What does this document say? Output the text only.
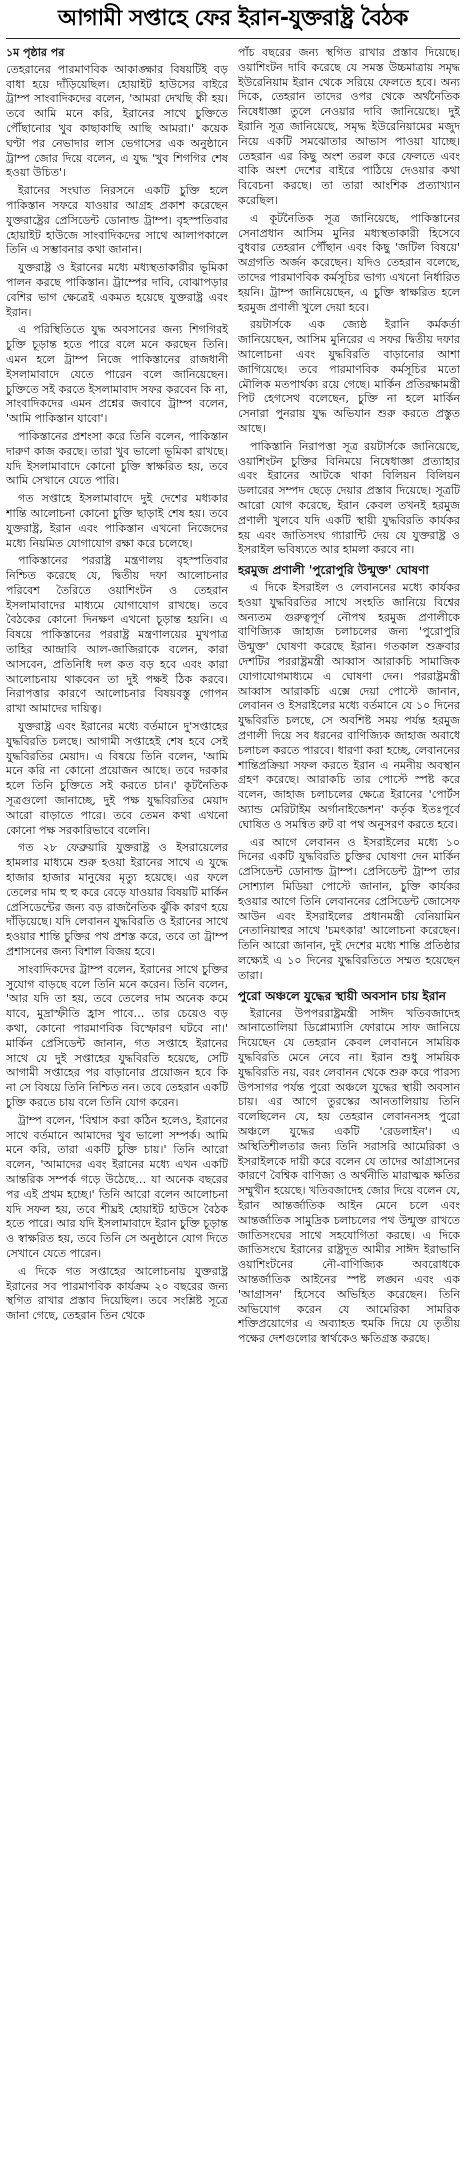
আগামী সপ্তাহে ফের ইরান-যুক্তরাষ্ট্র বৈঠক
১ম পৃষ্ঠার পর

তেহরানের পারমাণবিক আকাঙ্ক্ষার বিষয়টিই বড় বাধা হয়ে দাঁড়িয়েছিল। হোয়াইট হাউসের বাইরে ট্রাম্প সাংবাদিকদের বলেন, 'আমরা দেখছি কী হয়। তবে আমি মনে করি, ইরানের সাথে চুক্তিতে পৌঁছানোর খুব কাছাকাছি আছি আমরা।' কয়েক ঘণ্টা পর নেভাদার লাস ভেগাসের এক অনুষ্ঠানে ট্রাম্প জোর দিয়ে বলেন, এ যুদ্ধ 'খুব শিগগির শেষ হওয়া উচিত'।

ইরানের সংঘাত নিরসনে একটি চুক্তি হলে পাকিস্তান সফরে যাওয়ার আগ্রহ প্রকাশ করেছেন যুক্তরাষ্ট্রের প্রেসিডেন্ট ডোনাল্ড ট্রাম্প। বৃহস্পতিবার হোয়াইট হাউজে সাংবাদিকদের সাথে আলাপকালে তিনি এ সম্ভাবনার কথা জানান।

যুক্তরাষ্ট্র ও ইরানের মধ্যে মধ্যস্থতাকারীর ভূমিকা পালন করছে পাকিস্তান। ট্রাম্পের দাবি, বোঝাপড়ার বেশির ভাগ ক্ষেত্রেই একমত হয়েছে যুক্তরাষ্ট্র এবং ইরান।

এ পরিস্থিতিতে যুদ্ধ অবসানের জন্য শিগগিরই চুক্তি চূড়ান্ত হতে পারে বলে মনে করছেন তিনি। এমন হলে ট্রাম্প নিজে পাকিস্তানের রাজধানী ইসলামাবাদে যেতে পারেন বলে জানিয়েছেন। চুক্তিতে সই করতে ইসলামাবাদ সফর করবেন কি না, সাংবাদিকদের এমন প্রশ্নের জবাবে ট্রাম্প বলেন, 'আমি পাকিস্তান যাবো'।

পাকিস্তানের প্রশংসা করে তিনি বলেন, পাকিস্তান দারুণ কাজ করছে। তারা খুব ভালো ভূমিকা রাখছে। যদি ইসলামাবাদে কোনো চুক্তি স্বাক্ষরিত হয়, তবে আমি সেখানে যেতে পারি।

গত সপ্তাহে ইসলামাবাদে দুই দেশের মধ্যকার শান্তি আলোচনা কোনো চুক্তি ছাড়াই শেষ হয়। তবে যুক্তরাষ্ট্র, ইরান এবং পাকিস্তান এখনো নিজেদের মধ্যে নিয়মিত যোগাযোগ রক্ষা করে চলেছে।

পাকিস্তানের পররাষ্ট্র মন্ত্রণালয় বৃহস্পতিবার নিশ্চিত করেছে যে, দ্বিতীয় দফা আলোচনার পরিবেশ তৈরিতে ওয়াশিংটন ও তেহরান ইসলামাবাদের মাধ্যমে যোগাযোগ রাখছে। তবে বৈঠকের কোনো দিনক্ষণ এখনো চূড়ান্ত হয়নি। এ বিষয়ে পাকিস্তানের পররাষ্ট্র মন্ত্রণালয়ের মুখপাত্র তাহির আন্দ্রাবি আল-জাজিরাকে বলেন, কারা আসবেন, প্রতিনিধি দল কত বড় হবে এবং কারা আলোচনায় থাকবেন তা দুই পক্ষই ঠিক করবে। নিরাপত্তার কারণে আলোচনার বিষয়বস্তু গোপন রাখা আমাদের দায়িত্ব।

যুক্তরাষ্ট্র এবং ইরানের মধ্যে বর্তমানে দু'সপ্তাহের যুদ্ধবিরতি চলছে। আগামী সপ্তাহেই শেষ হবে সেই যুদ্ধবিরতির মেয়াদ। এ বিষয়ে তিনি বলেন, 'আমি মনে করি না কোনো প্রয়োজন আছে। তবে দরকার হলে তিনি চুক্তিতে সই করতে চান।' কূটনৈতিক সূত্রগুলো জানাচ্ছে, দুই পক্ষ যুদ্ধবিরতির মেয়াদ আরো বাড়াতে পারে। তবে তেমন কথা এখনো কোনো পক্ষ সরকারিভাবে বলেনি।

গত ২৮ ফেব্রুয়ারি যুক্তরাষ্ট্র ও ইসরায়েলের হামলার মাধ্যমে শুরু হওয়া ইরানের সাথে এ যুদ্ধে হাজার হাজার মানুষের মৃত্যু হয়েছে। এর ফলে তেলের দাম হু হু করে বেড়ে যাওয়ার বিষয়টি মার্কিন প্রেসিডেন্টের জন্য বড় রাজনৈতিক ঝুঁকি কারণ হয়ে দাঁড়িয়েছে। যদি লেবানন যুদ্ধবিরতি ও ইরানের সাথে হওয়ার শান্তি চুক্তির পথ প্রশস্ত করে, তবে তা ট্রাম্প প্রশাসনের জন্য বিশাল বিজয় হবে।

সাংবাদিকদের ট্রাম্প বলেন, ইরানের সাথে চুক্তির সুযোগ বাড়ছে বলে তিনি মনে করেন। তিনি বলেন, 'আর যদি তা হয়, তবে তেলের দাম অনেক কমে যাবে, মুদ্রাস্ফীতি হ্রাস পাবে… তার চেয়েও বড় কথা, কোনো পারমাণবিক বিস্ফোরণ ঘটবে না।' মার্কিন প্রেসিডেন্ট জানান, গত সপ্তাহে ইরানের সাথে যে দুই সপ্তাহের যুদ্ধবিরতি হয়েছে, সেটি আগামী সপ্তাহের পর বাড়ানোর প্রয়োজন হবে কি না সে বিষয়ে তিনি নিশ্চিত নন। তবে তেহরান একটি চুক্তি করতে চায় বলে তিনি যোগ করেন।

ট্রাম্প বলেন, 'বিশ্বাস করা কঠিন হলেও, ইরানের সাথে বর্তমানে আমাদের খুব ভালো সম্পর্ক। আমি মনে করি, তারা একটি চুক্তি চায়।' তিনি আরো বলেন, 'আমাদের এবং ইরানের মধ্যে এখন একটি আন্তরিক সম্পর্ক গড়ে উঠেছে… যা অনেক বছরের পর এই প্রথম হচ্ছে।' তিনি আরো বলেন আলোচনা যদি সফল হয়, তবে শীঘ্রই হোয়াইট হাউসে বৈঠক হতে পারে। আর যদি ইসলামাবাদে ইরান চুক্তি চূড়ান্ত ও স্বাক্ষরিত হয়, তবে তিনি সে অনুষ্ঠানে যোগ দিতে সেখানে যেতে পারেন।

এ দিকে গত সপ্তাহের আলোচনায় যুক্তরাষ্ট্র ইরানের সব পারমাণবিক কার্যক্রম ২০ বছরের জন্য স্থগিত রাখার প্রস্তাব দিয়েছিল। তবে সংশ্লিষ্ট সূত্রে জানা গেছে, তেহরান তিন থেকে

পাঁচ বছরের জন্য স্থগিত রাখার প্রস্তাব দিয়েছে। ওয়াশিংটন দাবি করেছে যে সমস্ত উচ্চমাত্রায় সমৃদ্ধ ইউরেনিয়াম ইরান থেকে সরিয়ে ফেলতে হবে। অন্য দিকে, তেহরান তাদের ওপর থেকে অর্থনৈতিক নিষেধাজ্ঞা তুলে নেওয়ার দাবি জানিয়েছে। দুই ইরানি সূত্র জানিয়েছে, সমৃদ্ধ ইউরেনিয়ামের মজুদ নিয়ে একটি সমঝোতার আভাস পাওয়া যাচ্ছে। তেহরান এর কিছু অংশ তরল করে ফেলতে এবং বাকি অংশ দেশের বাইরে পাঠিয়ে দেওয়ার কথা বিবেচনা করছে। তা তারা আংশিক প্রত্যাখ্যান করেছিল।

এ কূটনৈতিক সূত্র জানিয়েছে, পাকিস্তানের সেনাপ্রধান আসিম মুনির মধ্যস্থতাকারী হিসেবে বুধবার তেহরান পৌঁছান এবং কিছু 'জটিল বিষয়ে' অগ্রগতি অর্জন করেছেন। যদিও তেহরান বলেছে, তাদের পারমাণবিক কর্মসূচির ভাগ্য এখনো নির্ধারিত হয়নি। ট্রাম্প জানিয়েছেন, এ চুক্তি স্বাক্ষরিত হলে হরমুজ প্রণালী খুলে দেয়া হবে।

রয়টার্সকে এক জ্যেষ্ঠ ইরানি কর্মকর্তা জানিয়েছেন, আসিম মুনিরের এ সফর দ্বিতীয় দফার আলোচনা এবং যুদ্ধবিরতি বাড়ানোর আশা জাগিয়েছে। তবে পারমাণবিক কর্মসূচির মতো মৌলিক মতপার্থক্য রয়ে গেছে। মার্কিন প্রতিরক্ষামন্ত্রী পিট হেগসেথ বলেছেন, চুক্তি না হলে মার্কিন সেনারা পুনরায় যুদ্ধ অভিযান শুরু করতে প্রস্তুত আছে।

পাকিস্তানি নিরাপত্তা সূত্র রয়টার্সকে জানিয়েছে, ওয়াশিংটন চুক্তির বিনিময়ে নিষেধাজ্ঞা প্রত্যাহার এবং ইরানের আটকে থাকা বিলিয়ন বিলিয়ন ডলারের সম্পদ ছেড়ে দেয়ার প্রস্তাব দিয়েছে। সূত্রটি আরো যোগ করেছে, ইরান কেবল তখনই হরমুজ প্রণালী খুলবে যদি একটি স্থায়ী যুদ্ধবিরতি কার্যকর হয় এবং জাতিসংঘ গ্যারান্টি দেয় যে যুক্তরাষ্ট্র ও ইসরাইল ভবিষ্যতে আর হামলা করবে না।

হরমুজ প্রণালী 'পুরোপুরি উন্মুক্ত' ঘোষণা

এ দিকে ইসরাইল ও লেবাননের মধ্যে কার্যকর হওয়া যুদ্ধবিরতির সাথে সংহতি জানিয়ে বিশ্বের অন্যতম গুরুত্বপূর্ণ নৌপথ হরমুজ প্রণালীকে বাণিজ্যিক জাহাজ চলাচলের জন্য 'পুরোপুরি উন্মুক্ত' ঘোষণা করেছে ইরান। গতকাল শুক্রবার দেশটির পররাষ্ট্রমন্ত্রী আব্বাস আরাকচি সামাজিক যোগাযোগমাধ্যমে এ ঘোষণা দেন। পররাষ্ট্রমন্ত্রী আব্বাস আরাকচি এক্সে দেয়া পোস্টে জানান, লেবানন ও ইসরাইলের মধ্যে বর্তমানে যে ১০ দিনের যুদ্ধবিরতি চলছে, সে অবশিষ্ট সময় পর্যন্ত হরমুজ প্রণালী দিয়ে সব ধরনের বাণিজ্যিক জাহাজ অবাধে চলাচল করতে পারবে। ধারণা করা হচ্ছে, লেবাননের শান্তিপ্রক্রিয়া সফল করতে ইরান এ নমনীয় অবস্থান গ্রহণ করেছে। আরাকচি তার পোস্টে স্পষ্ট করে বলেন, জাহাজ চলাচলের ক্ষেত্রে ইরানের 'পোর্টস অ্যান্ড মেরিটাইম অর্গানাইজেশন' কর্তৃক ইতঃপূর্বে ঘোষিত ও সমন্বিত রুট বা পথ অনুসরণ করতে হবে।

এর আগে লেবানন ও ইসরাইলের মধ্যে ১০ দিনের একটি যুদ্ধবিরতি চুক্তির ঘোষণা দেন মার্কিন প্রেসিডেন্ট ডোনাল্ড ট্রাম্প। প্রেসিডেন্ট ট্রাম্প তার সোশ্যাল মিডিয়া পোস্টে জানান, চুক্তি কার্যকর হওয়ার আগে তিনি লেবাননের প্রেসিডেন্ট জোসেফ আউন এবং ইসরাইলের প্রধানমন্ত্রী বেনিয়ামিন নেতানিয়াহুর সাথে 'চমৎকার' আলোচনা করেছেন। তিনি আরো জানান, দুই দেশের মধ্যে শান্তি প্রতিষ্ঠার লক্ষ্যেই এ ১০ দিনের যুদ্ধবিরতিতে সম্মত হয়েছেন তারা।

পুরো অঞ্চলে যুদ্ধের স্থায়ী অবসান চায় ইরান

ইরানের উপপররাষ্ট্রমন্ত্রী সাঈদ খতিবজাদেহ আনাতোলিয়া ডিপ্লোম্যাসি ফোরামে সাফ জানিয়ে দিয়েছেন যে তেহরান কেবল লেবাননে সাময়িক যুদ্ধবিরতি মেনে নেবে না। ইরান শুধু সাময়িক যুদ্ধবিরতি নয়, বরং লেবানন থেকে শুরু করে পারস্য উপসাগর পর্যন্ত পুরো অঞ্চলে যুদ্ধের স্থায়ী অবসান চায়। এর আগে তুরস্কের আনতালিয়ায় তিনি বলেছিলেন যে, হয় তেহরান লেবাননসহ পুরো অঞ্চলে যুদ্ধের একটি 'রেডলাইন'। এ অস্থিতিশীলতার জন্য তিনি সরাসরি আমেরিকা ও ইসরাইলকে দায়ী করে বলেন যে তাদের আগ্রাসনের কারণে বৈশ্বিক বাণিজ্য ও অর্থনীতি মারাত্মক ক্ষতির সম্মুখীন হয়েছে। খতিবজাদেহ জোর দিয়ে বলেন যে, ইরান আন্তর্জাতিক আইন মেনে চলে এবং আন্তর্জাতিক সামুদ্রিক চলাচলের পথ উন্মুক্ত রাখতে জাতিসংঘের সাথে সহযোগিতা করছে। এ দিকে জাতিসংঘে ইরানের রাষ্ট্রদূত আমীর সাঈদ ইরাভানি ওয়াশিংটনের নৌ-বাণিজ্যিক অবরোধকে আন্তর্জাতিক আইনের স্পষ্ট লঙ্ঘন এবং এক 'আগ্রাসন' হিসেবে অভিহিত করেছেন। তিনি অভিযোগ করেন যে আমেরিকা সামরিক শক্তিপ্রয়োগের এ অব্যাহত হুমকি দিয়ে যে তৃতীয় পক্ষের দেশগুলোর স্বার্থকেও ক্ষতিগ্রস্ত করছে।
